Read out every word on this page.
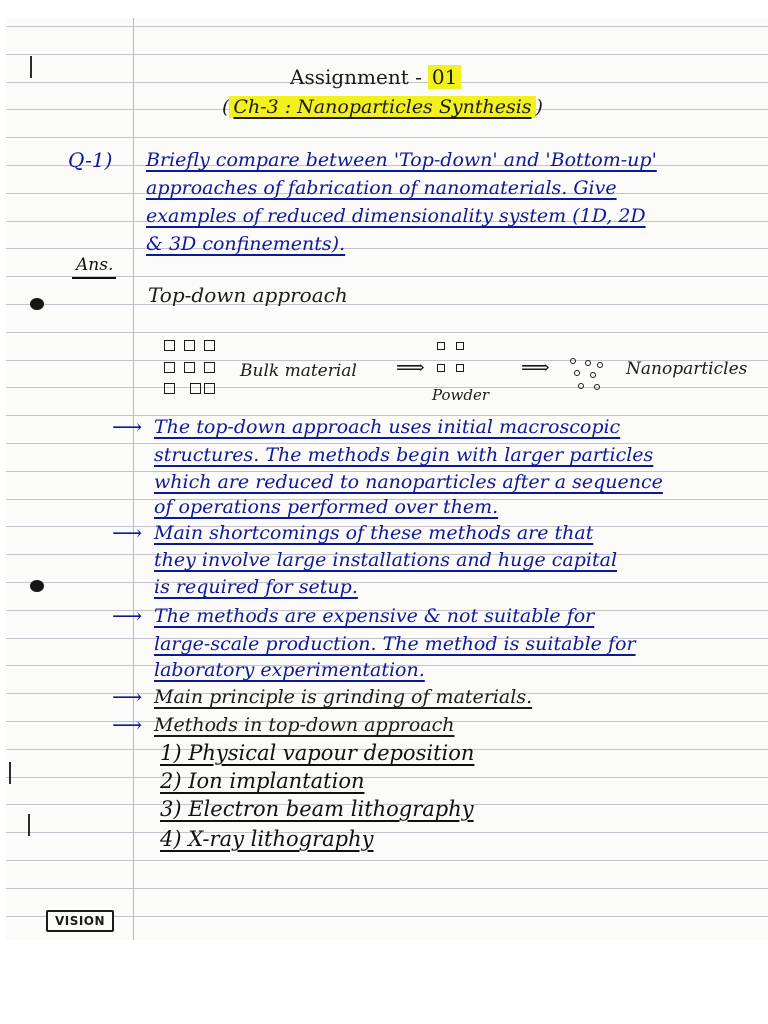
Assignment - 01
( Ch-3 : Nanoparticles Synthesis )
Q-1) Briefly compare between 'Top-down' and 'Bottom-up'
approaches of fabrication of nanomaterials. Give
examples of reduced dimensionality system (1D, 2D
& 3D confinements).
Ans.
Top-down approach
Bulk material ⟹
Powder
⟹	Nanoparticles
⟶ The top-down approach uses initial macroscopic
structures. The methods begin with larger particles
which are reduced to nanoparticles after a sequence
of operations performed over them.
⟶ Main shortcomings of these methods are that
they involve large installations and huge capital
is required for setup.
⟶ The methods are expensive & not suitable for
large-scale production. The method is suitable for
laboratory experimentation.
⟶ Main principle is grinding of materials.
⟶ Methods in top-down approach
1) Physical vapour deposition
2) Ion implantation
3) Electron beam lithography
4) X-ray lithography
VISION
